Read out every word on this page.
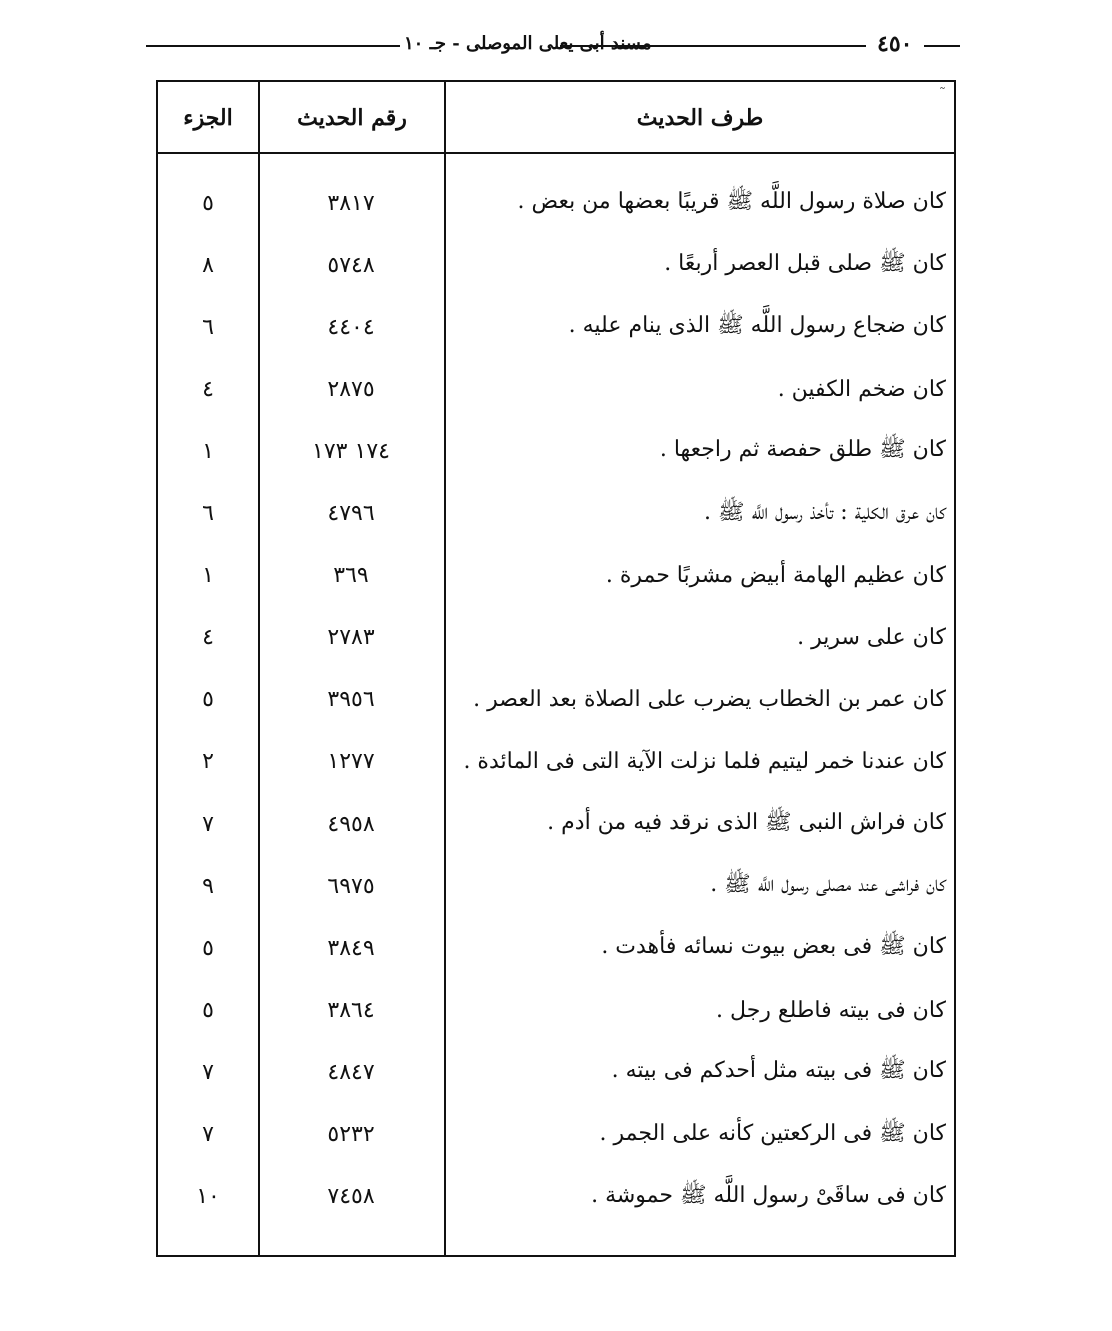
مسند أبى يعلى الموصلى - جـ ١٠	٤٥٠
˜
طرف الحديث
رقم الحديث
الجزء
كان صلاة رسول اللَّه ﷺ قريبًا بعضها من بعض .
٣٨١٧
٥
كان ﷺ صلى قبل العصر أربعًا .
٥٧٤٨
٨
كان ضجاع رسول اللَّه ﷺ الذى ينام عليه .
٤٤٠٤
٦
كان ضخم الكفين .
٢٨٧٥
٤
كان ﷺ طلق حفصة ثم راجعها .
١٧٤ ١٧٣
١
كان عرق الكلية : تأخذ رسول اللَّه ﷺ .
٤٧٩٦
٦
كان عظيم الهامة أبيض مشربًا حمرة .
٣٦٩
١
كان على سرير .
٢٧٨٣
٤
كان عمر بن الخطاب يضرب على الصلاة بعد العصر .
٣٩٥٦
٥
كان عندنا خمر ليتيم فلما نزلت الآية التى فى المائدة .
١٢٧٧
٢
كان فراش النبى ﷺ الذى نرقد فيه من أدم .
٤٩٥٨
٧
كان فراشى عند مصلى رسول اللَّه ﷺ .
٦٩٧٥
٩
كان ﷺ فى بعض بيوت نسائه فأهدت .
٣٨٤٩
٥
كان فى بيته فاطلع رجل .
٣٨٦٤
٥
كان ﷺ فى بيته مثل أحدكم فى بيته .
٤٨٤٧
٧
كان ﷺ فى الركعتين كأنه على الجمر .
٥٢٣٢
٧
كان فى ساقَىْ رسول اللَّه ﷺ حموشة .
٧٤٥٨
١٠
